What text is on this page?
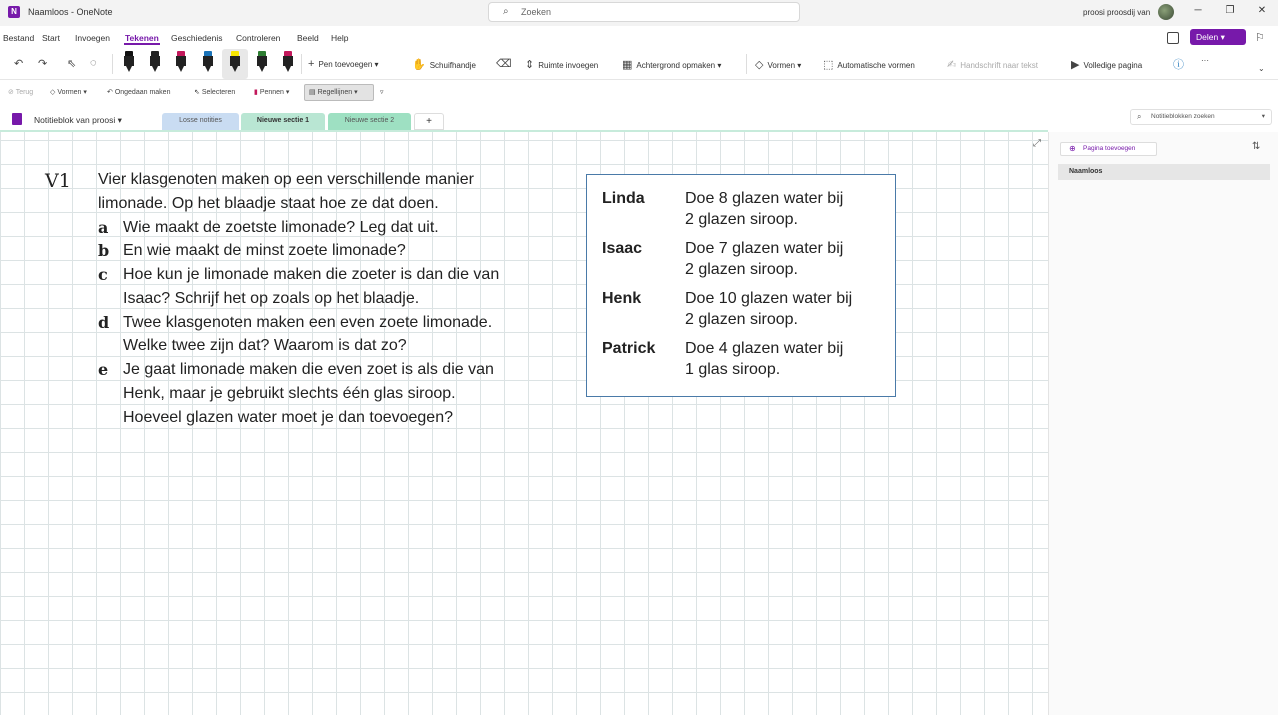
N	Naamloos - OneNote	⌕ Zoeken	proosi proosdij van	─	❐	✕
Bestand Start Invoegen Tekenen Geschiedenis Controleren Beeld Help	Delen ▾	⚐
↶	↷	⇖	◌	+ Pen toevoegen ▾	✋ Schuifhandje ⌫	⇕ Ruimte invoegen ▦ Achtergrond opmaken ▾	◇ Vormen ▾ ⬚ Automatische vormen	✍ Handschrift naar tekst	▶ Volledige pagina	ⓘ	···
⌄
⊘ Terug ◇ Vormen ▾	↶ Ongedaan maken	⇖ Selecteren	▮ Pennen ▾	▤ Regellijnen ▾	▿
Notitieblok van proosi ▾	Losse notities	Nieuwe sectie 1	Nieuwe sectie 2	+	⌕ Notitieblokken zoeken	▾
⤢
V1 Vier klasgenoten maken op een verschillende manier
limonade. Op het blaadje staat hoe ze dat doen.
a Wie maakt de zoetste limonade? Leg dat uit.
b En wie maakt de minst zoete limonade?
c Hoe kun je limonade maken die zoeter is dan die van
Isaac? Schrijf het op zoals op het blaadje.
d Twee klasgenoten maken een even zoete limonade.
Welke twee zijn dat? Waarom is dat zo?
e Je gaat limonade maken die even zoet is als die van
Henk, maar je gebruikt slechts één glas siroop.
Hoeveel glazen water moet je dan toevoegen?
Linda	Doe 8 glazen water bij
2 glazen siroop.
Isaac	Doe 7 glazen water bij
2 glazen siroop.
Henk	Doe 10 glazen water bij
2 glazen siroop.
Patrick Doe 4 glazen water bij
1 glas siroop.
⊕ Pagina toevoegen	⇅
Naamloos
